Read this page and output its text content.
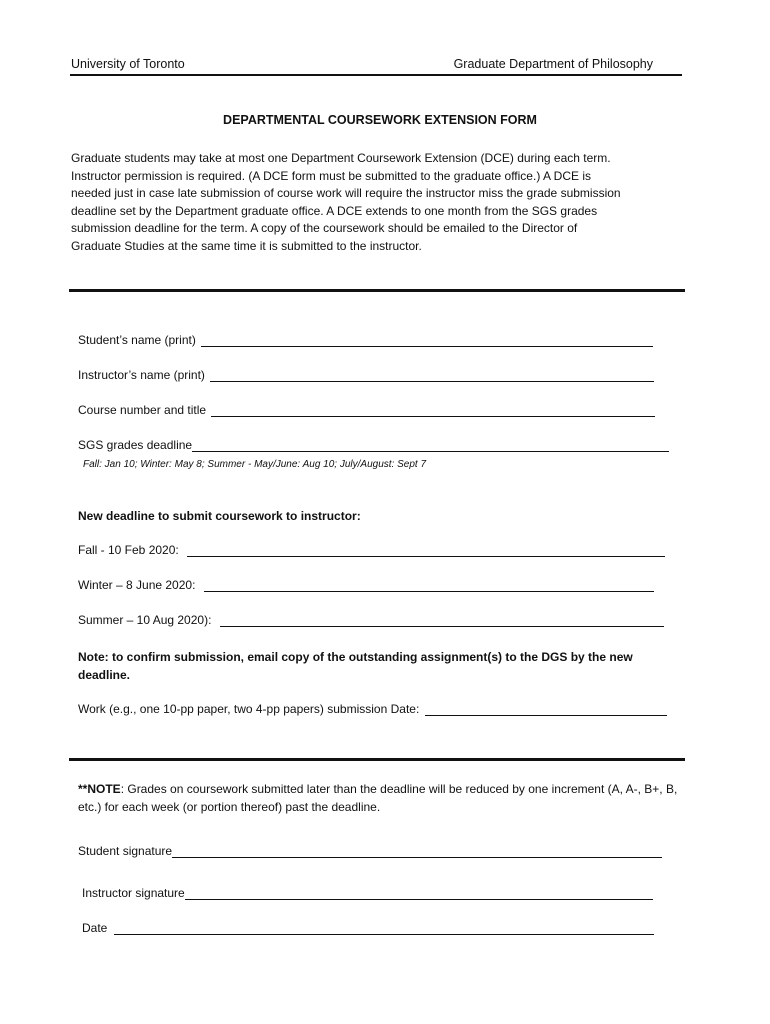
University of Toronto	Graduate Department of Philosophy
DEPARTMENTAL COURSEWORK EXTENSION FORM
Graduate students may take at most one Department Coursework Extension (DCE) during each term.
Instructor permission is required. (A DCE form must be submitted to the graduate office.) A DCE is
needed just in case late submission of course work will require the instructor miss the grade submission
deadline set by the Department graduate office. A DCE extends to one month from the SGS grades
submission deadline for the term. A copy of the coursework should be emailed to the Director of
Graduate Studies at the same time it is submitted to the instructor.
Student’s name (print)
Instructor’s name (print)
Course number and title
SGS grades deadline
Fall: Jan 10; Winter: May 8; Summer - May/June: Aug 10; July/August: Sept 7
New deadline to submit coursework to instructor:
Fall - 10 Feb 2020:
Winter – 8 June 2020:
Summer – 10 Aug 2020):
Note: to confirm submission, email copy of the outstanding assignment(s) to the DGS by the new deadline.
Work (e.g., one 10-pp paper, two 4-pp papers) submission Date:
**NOTE: Grades on coursework submitted later than the deadline will be reduced by one increment (A, A-, B+, B, etc.) for each week (or portion thereof) past the deadline.
Student signature
Instructor signature
Date
